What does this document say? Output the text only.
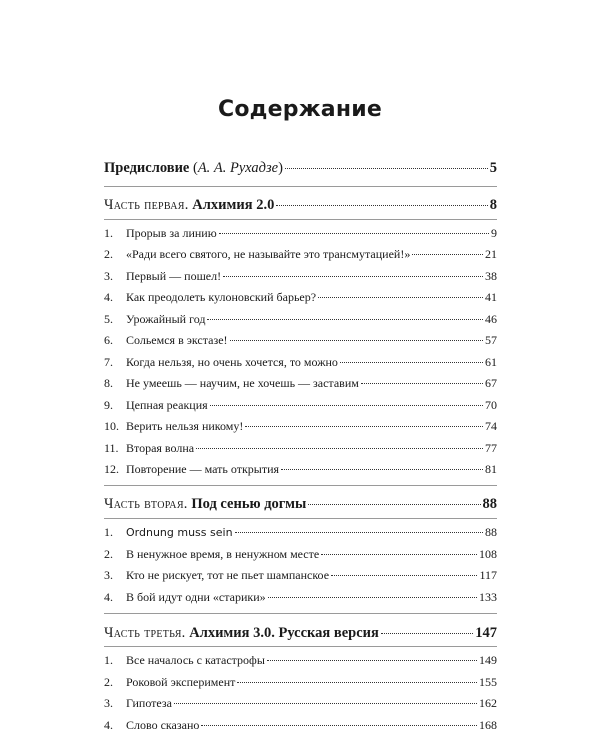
Содержание
Предисловие (А. А. Рухадзе)	5
Часть первая. Алхимия 2.0	8
1. Прорыв за линию	9
2. «Ради всего святого, не называйте это трансмутацией!»	21
3. Первый — пошел!	38
4. Как преодолеть кулоновский барьер?	41
5. Урожайный год	46
6. Сольемся в экстазе!	57
7. Когда нельзя, но очень хочется, то можно	61
8. Не умеешь — научим, не хочешь — заставим	67
9. Цепная реакция	70
10. Верить нельзя никому!	74
11. Вторая волна	77
12. Повторение — мать открытия	81
Часть вторая. Под сенью догмы	88
1. Ordnung muss sein	88
2. В ненужное время, в ненужном месте	108
3. Кто не рискует, тот не пьет шампанское	117
4. В бой идут одни «старики»	133
Часть третья. Алхимия 3.0. Русская версия	147
1. Все началось с катастрофы	149
2. Роковой эксперимент	155
3. Гипотеза	162
4. Слово сказано	168
